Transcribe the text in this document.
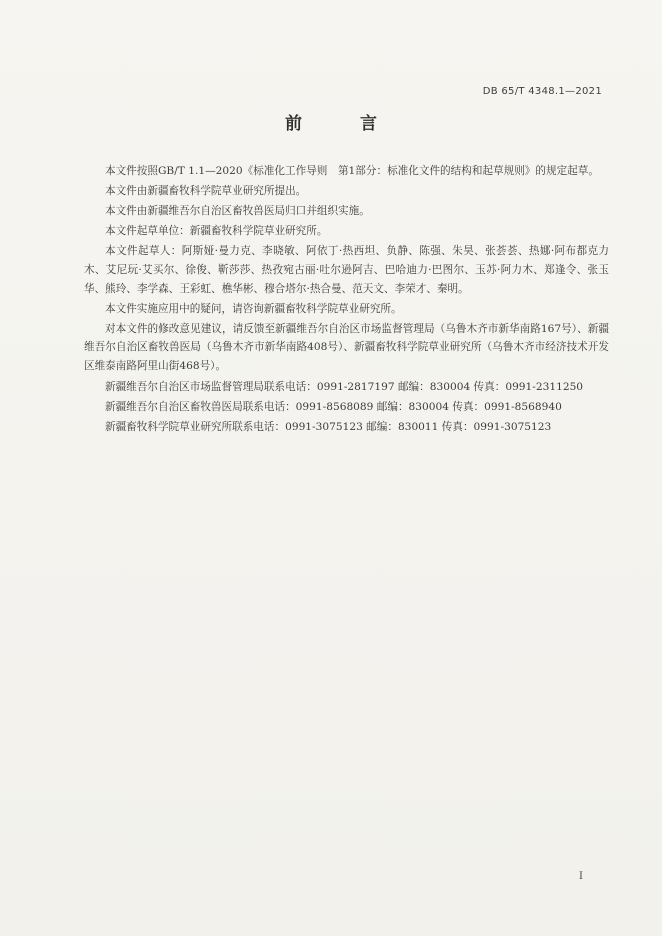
DB 65/T 4348.1—2021
前 言

本文件按照GB/T 1.1—2020《标准化工作导则　第1部分：标准化文件的结构和起草规则》的规定起草。

本文件由新疆畜牧科学院草业研究所提出。

本文件由新疆维吾尔自治区畜牧兽医局归口并组织实施。

本文件起草单位：新疆畜牧科学院草业研究所。

本文件起草人：阿斯娅·曼力克、李晓敏、阿依丁·热西坦、负静、陈强、朱昊、张荟荟、热娜·阿布都克力木、艾尼玩·艾买尔、徐俊、靳莎莎、热孜宛古丽·吐尔逊阿吉、巴哈迪力·巴图尔、玉苏·阿力木、郑逢令、张玉华、熊玲、李学森、王彩虹、樵华彬、穆合塔尔·热合曼、范天文、李荣才、秦明。

本文件实施应用中的疑问，请咨询新疆畜牧科学院草业研究所。

对本文件的修改意见建议，请反馈至新疆维吾尔自治区市场监督管理局（乌鲁木齐市新华南路167号）、新疆维吾尔自治区畜牧兽医局（乌鲁木齐市新华南路408号）、新疆畜牧科学院草业研究所（乌鲁木齐市经济技术开发区维泰南路阿里山街468号）。

新疆维吾尔自治区市场监督管理局联系电话：0991-2817197 邮编：830004 传真：0991-2311250

新疆维吾尔自治区畜牧兽医局联系电话：0991-8568089 邮编：830004 传真：0991-8568940

新疆畜牧科学院草业研究所联系电话：0991-3075123 邮编：830011 传真：0991-3075123

I
